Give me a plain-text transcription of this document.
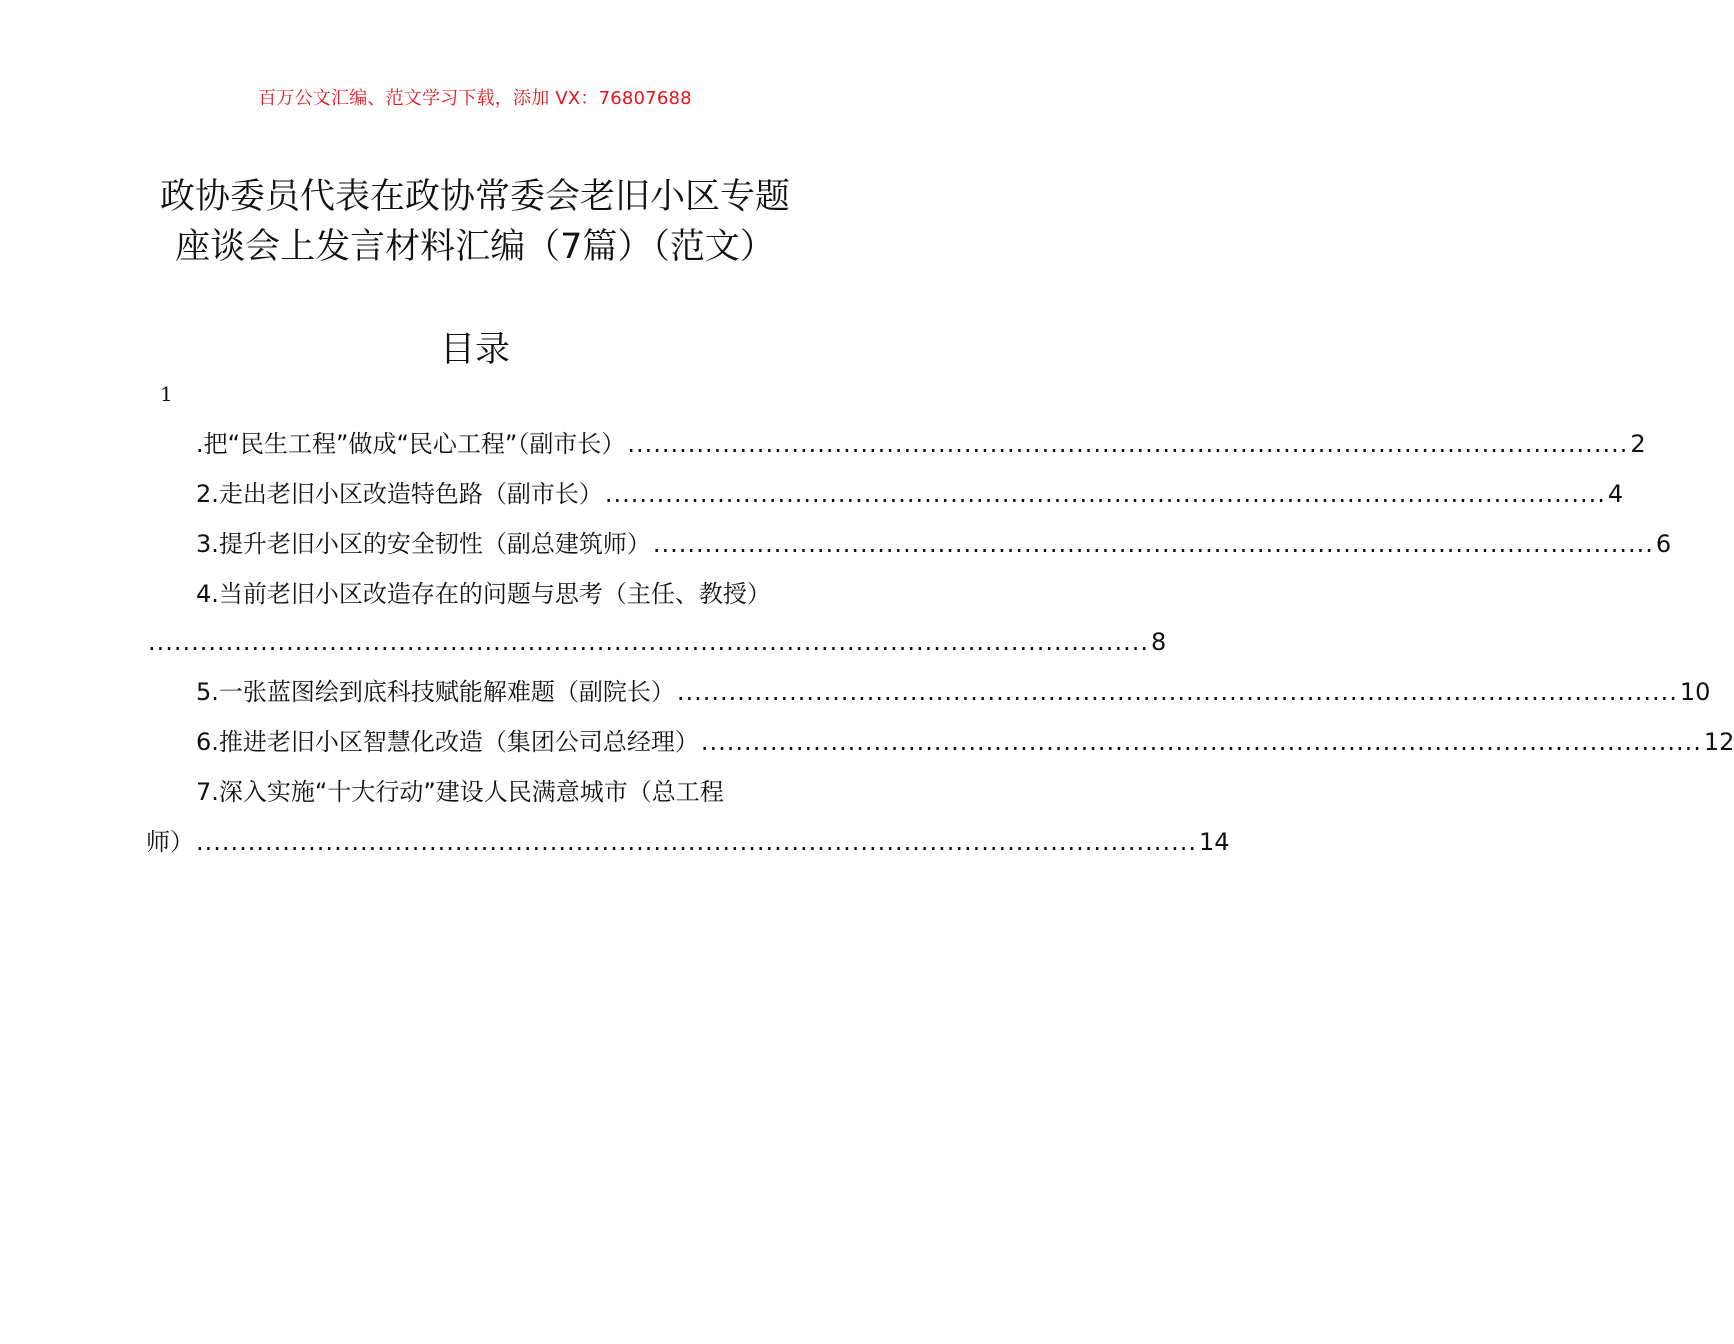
百万公文汇编、范文学习下载，添加 VX：76807688
政协委员代表在政协常委会老旧小区专题
座谈会上发言材料汇编（7篇）（范文）
目录
1
.把“民生工程”做成“民心工程”（副市长） .................................................................................................................... 2
2.走出老旧小区改造特色路（副市长） .................................................................................................................... 4
3.提升老旧小区的安全韧性（副总建筑师） .................................................................................................................... 6
4.当前老旧小区改造存在的问题与思考（主任、教授）
.................................................................................................................... 8
5.一张蓝图绘到底科技赋能解难题（副院长） .................................................................................................................... 10
6.推进老旧小区智慧化改造（集团公司总经理） .................................................................................................................... 12
7.深入实施“十大行动”建设人民满意城市（总工程
师） .................................................................................................................... 14
